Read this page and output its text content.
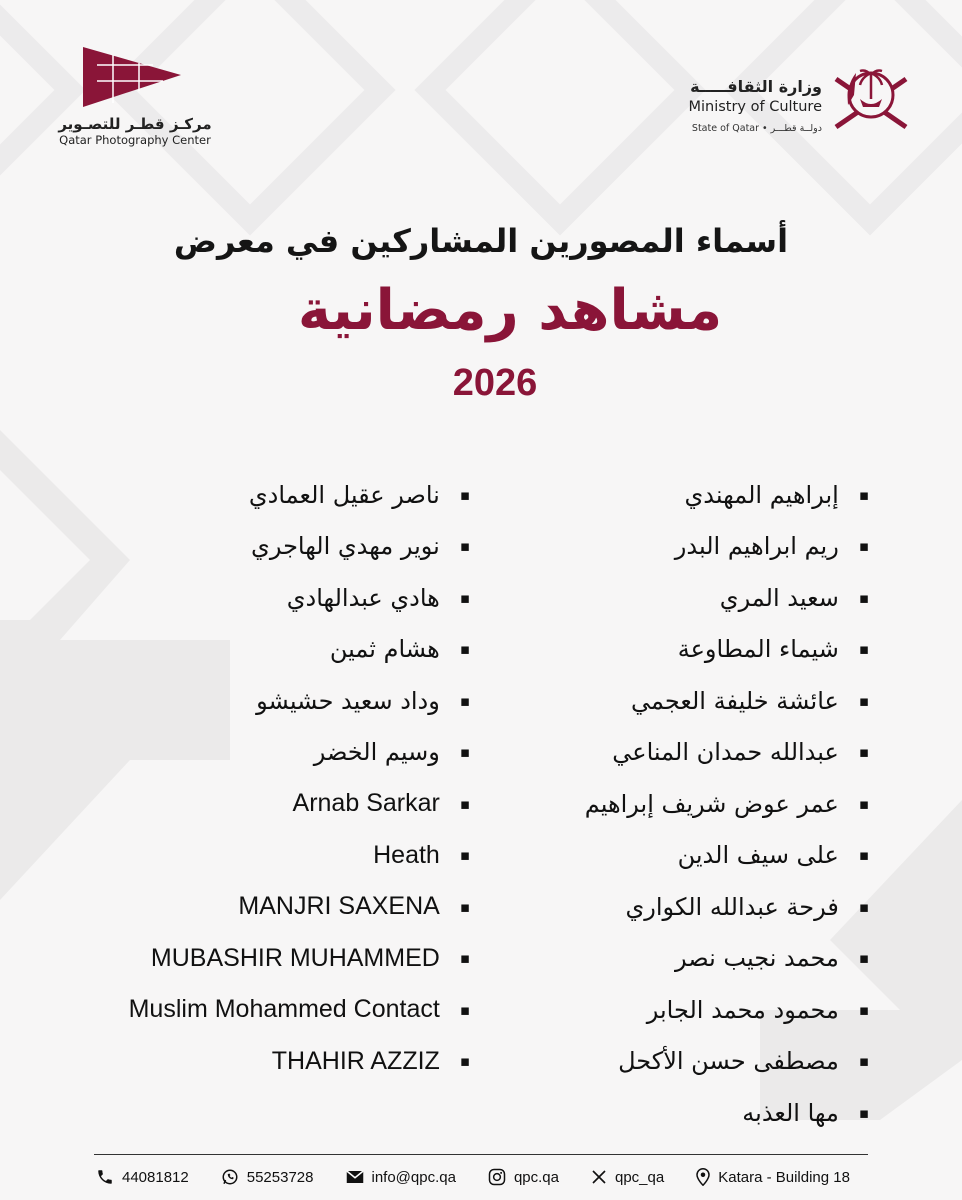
مركـز قطـر للتصـوير
Qatar Photography Center
وزارة الثقافـــــة
Ministry of Culture
State of Qatar • دولــة قطـــر
أسماء المصورين المشاركين في معرض
مشاهد رمضانية
2026
▪
إبراهيم المهندي
▪
ريم ابراهيم البدر
▪
سعيد المري
▪
شيماء المطاوعة
▪
عائشة خليفة العجمي
▪
عبدالله حمدان المناعي
▪
عمر عوض شريف إبراهيم
▪
على سيف الدين
▪
فرحة عبدالله الكواري
▪
محمد نجيب نصر
▪
محمود محمد الجابر
▪
مصطفى حسن الأكحل
▪
مها العذبه
▪
ناصر عقيل العمادي
▪
نوير مهدي الهاجري
▪
هادي عبدالهادي
▪
هشام ثمين
▪
وداد سعيد حشيشو
▪
وسيم الخضر
▪
Arnab Sarkar
▪
Heath
▪
MANJRI SAXENA
▪
MUBASHIR MUHAMMED
▪
Muslim Mohammed Contact
▪
THAHIR AZZIZ
44081812	55253728	info@qpc.qa	qpc.qa	qpc_qa	Katara - Building 18
